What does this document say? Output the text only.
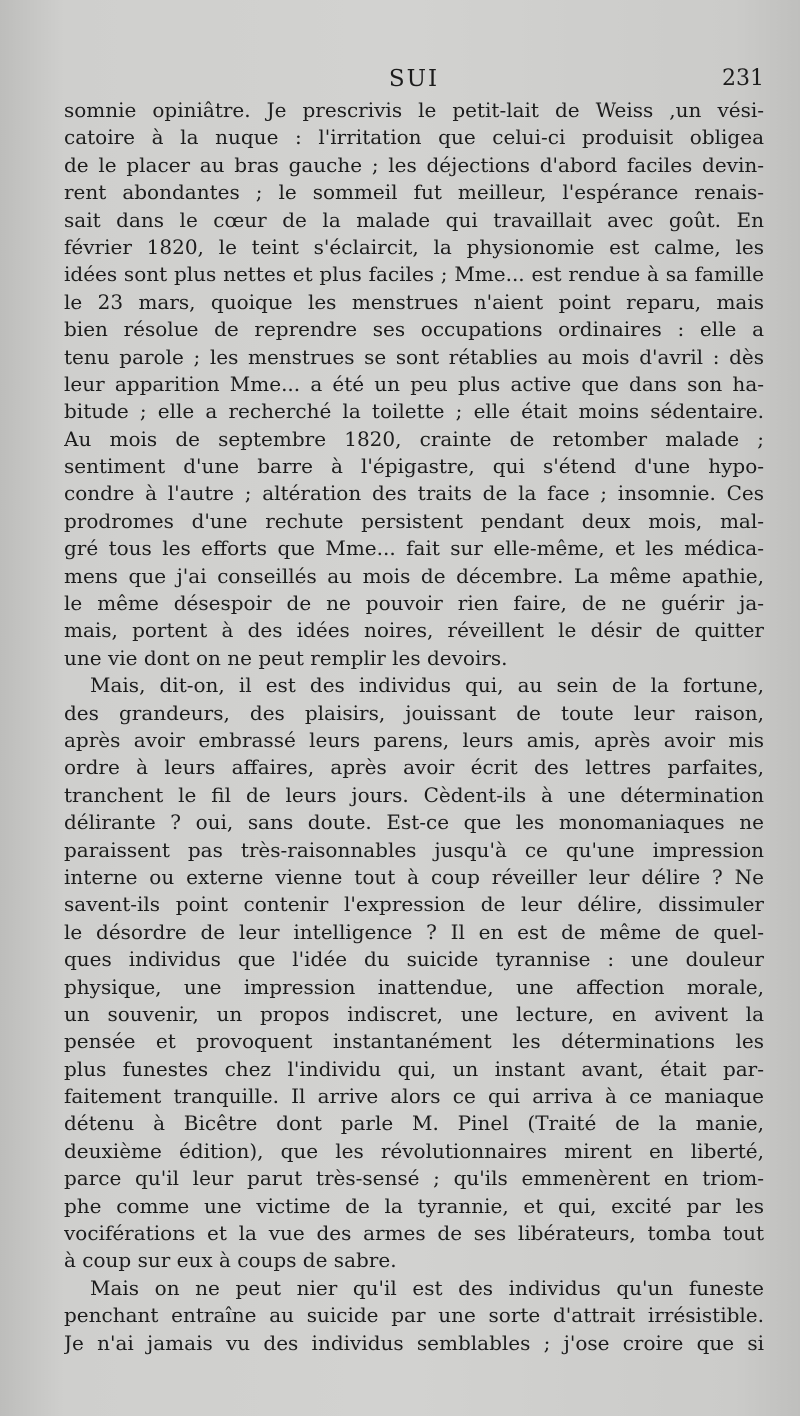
SUI	231
somnie opiniâtre. Je prescrivis le petit-lait de Weiss ,un vési-
catoire à la nuque : l'irritation que celui-ci produisit obligea
de le placer au bras gauche ; les déjections d'abord faciles devin-
rent abondantes ; le sommeil fut meilleur, l'espérance renais-
sait dans le cœur de la malade qui travaillait avec goût. En
février 1820, le teint s'éclaircit, la physionomie est calme, les
idées sont plus nettes et plus faciles ; Mme... est rendue à sa famille
le 23 mars, quoique les menstrues n'aient point reparu, mais
bien résolue de reprendre ses occupations ordinaires : elle a
tenu parole ; les menstrues se sont rétablies au mois d'avril : dès
leur apparition Mme... a été un peu plus active que dans son ha-
bitude ; elle a recherché la toilette ; elle était moins sédentaire.
Au mois de septembre 1820, crainte de retomber malade ;
sentiment d'une barre à l'épigastre, qui s'étend d'une hypo-
condre à l'autre ; altération des traits de la face ; insomnie. Ces
prodromes d'une rechute persistent pendant deux mois, mal-
gré tous les efforts que Mme... fait sur elle-même, et les médica-
mens que j'ai conseillés au mois de décembre. La même apathie,
le même désespoir de ne pouvoir rien faire, de ne guérir ja-
mais, portent à des idées noires, réveillent le désir de quitter
une vie dont on ne peut remplir les devoirs.
Mais, dit-on, il est des individus qui, au sein de la fortune,
des grandeurs, des plaisirs, jouissant de toute leur raison,
après avoir embrassé leurs parens, leurs amis, après avoir mis
ordre à leurs affaires, après avoir écrit des lettres parfaites,
tranchent le fil de leurs jours. Cèdent-ils à une détermination
délirante ? oui, sans doute. Est-ce que les monomaniaques ne
paraissent pas très-raisonnables jusqu'à ce qu'une impression
interne ou externe vienne tout à coup réveiller leur délire ? Ne
savent-ils point contenir l'expression de leur délire, dissimuler
le désordre de leur intelligence ? Il en est de même de quel-
ques individus que l'idée du suicide tyrannise : une douleur
physique, une impression inattendue, une affection morale,
un souvenir, un propos indiscret, une lecture, en avivent la
pensée et provoquent instantanément les déterminations les
plus funestes chez l'individu qui, un instant avant, était par-
faitement tranquille. Il arrive alors ce qui arriva à ce maniaque
détenu à Bicêtre dont parle M. Pinel (Traité de la manie,
deuxième édition), que les révolutionnaires mirent en liberté,
parce qu'il leur parut très-sensé ; qu'ils emmenèrent en triom-
phe comme une victime de la tyrannie, et qui, excité par les
vociférations et la vue des armes de ses libérateurs, tomba tout
à coup sur eux à coups de sabre.
Mais on ne peut nier qu'il est des individus qu'un funeste
penchant entraîne au suicide par une sorte d'attrait irrésistible.
Je n'ai jamais vu des individus semblables ; j'ose croire que si
